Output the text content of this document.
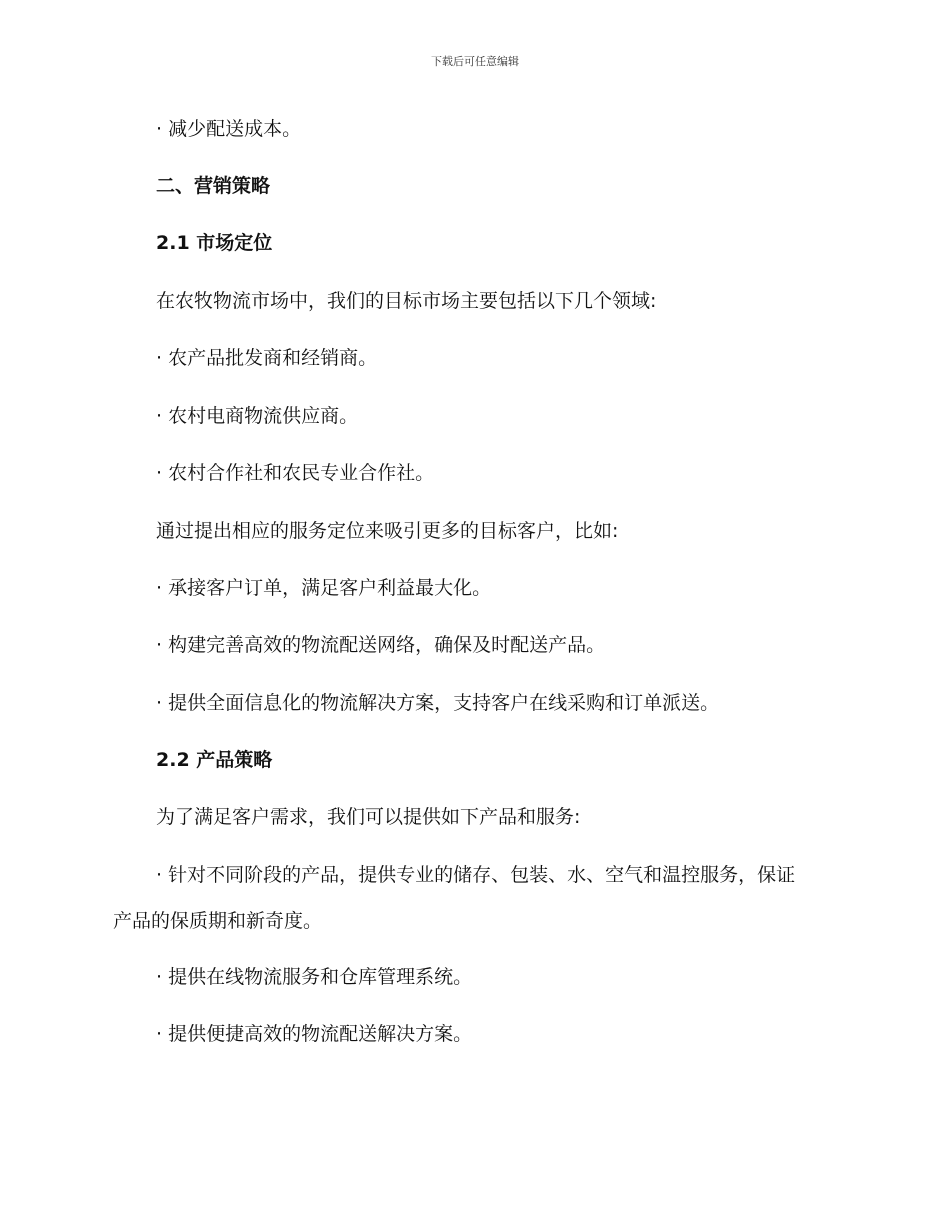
下载后可任意编辑
· 减少配送成本。
二、营销策略
2.1 市场定位
在农牧物流市场中，我们的目标市场主要包括以下几个领域:
· 农产品批发商和经销商。
· 农村电商物流供应商。
· 农村合作社和农民专业合作社。
通过提出相应的服务定位来吸引更多的目标客户，比如:
· 承接客户订单，满足客户利益最大化。
· 构建完善高效的物流配送网络，确保及时配送产品。
· 提供全面信息化的物流解决方案，支持客户在线采购和订单派送。
2.2 产品策略
为了满足客户需求，我们可以提供如下产品和服务:
· 针对不同阶段的产品，提供专业的储存、包装、水、空气和温控服务，保证产品的保质期和新奇度。
· 提供在线物流服务和仓库管理系统。
· 提供便捷高效的物流配送解决方案。
